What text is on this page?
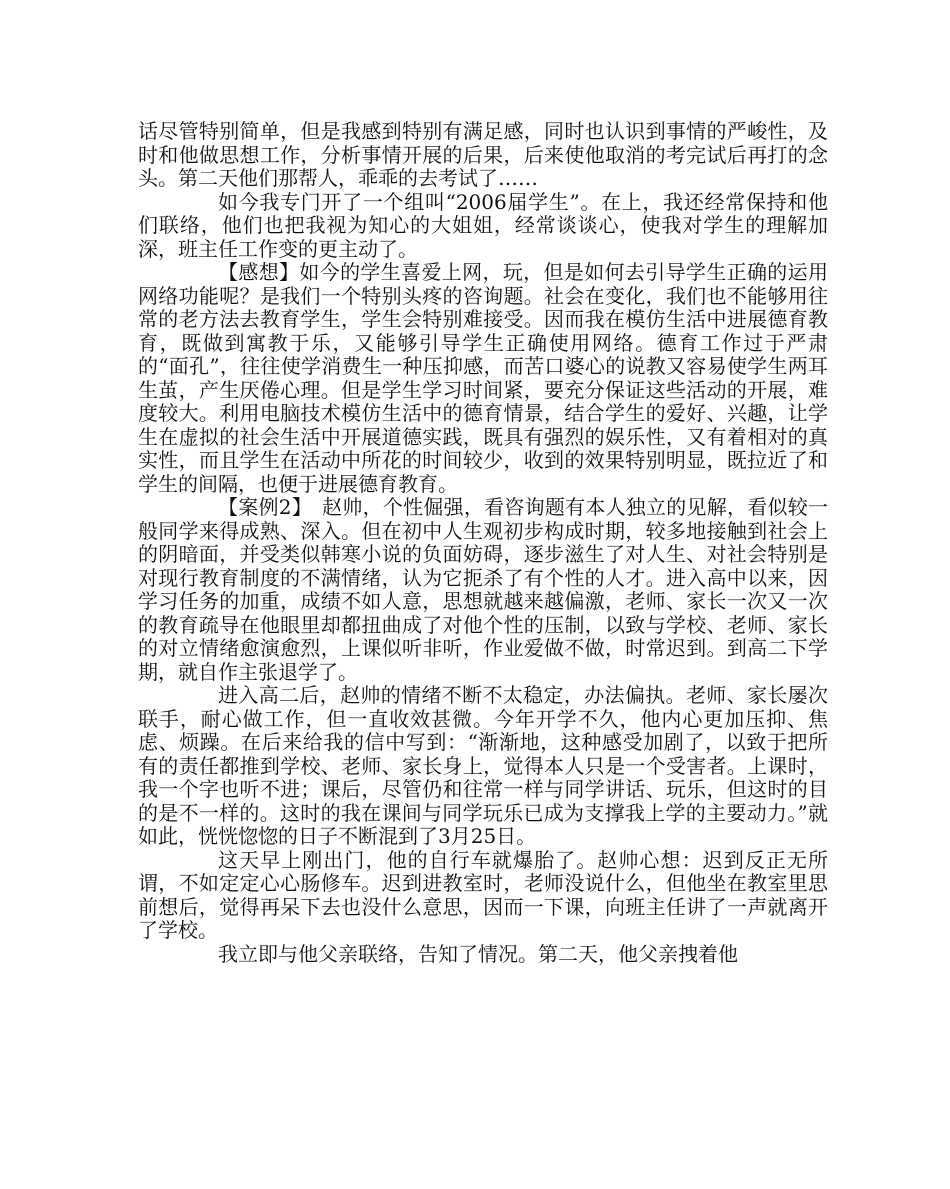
话尽管特别简单，但是我感到特别有满足感，同时也认识到事情的严峻性，及时和他做思想工作，分析事情开展的后果，后来使他取消的考完试后再打的念头。第二天他们那帮人，乖乖的去考试了……

如今我专门开了一个组叫“2006届学生”。在上，我还经常保持和他们联络，他们也把我视为知心的大姐姐，经常谈谈心，使我对学生的理解加深，班主任工作变的更主动了。

【感想】如今的学生喜爱上网，玩，但是如何去引导学生正确的运用网络功能呢？是我们一个特别头疼的咨询题。社会在变化，我们也不能够用往常的老方法去教育学生，学生会特别难接受。因而我在模仿生活中进展德育教育，既做到寓教于乐，又能够引导学生正确使用网络。德育工作过于严肃的“面孔”，往往使学消费生一种压抑感，而苦口婆心的说教又容易使学生两耳生茧，产生厌倦心理。但是学生学习时间紧，要充分保证这些活动的开展，难度较大。利用电脑技术模仿生活中的德育情景，结合学生的爱好、兴趣，让学生在虚拟的社会生活中开展道德实践，既具有强烈的娱乐性，又有着相对的真实性，而且学生在活动中所花的时间较少，收到的效果特别明显，既拉近了和学生的间隔，也便于进展德育教育。

【案例2】　赵帅，个性倔强，看咨询题有本人独立的见解，看似较一般同学来得成熟、深入。但在初中人生观初步构成时期，较多地接触到社会上的阴暗面，并受类似韩寒小说的负面妨碍，逐步滋生了对人生、对社会特别是对现行教育制度的不满情绪，认为它扼杀了有个性的人才。进入高中以来，因学习任务的加重，成绩不如人意，思想就越来越偏激，老师、家长一次又一次的教育疏导在他眼里却都扭曲成了对他个性的压制，以致与学校、老师、家长的对立情绪愈演愈烈，上课似听非听，作业爱做不做，时常迟到。到高二下学期，就自作主张退学了。

进入高二后，赵帅的情绪不断不太稳定，办法偏执。老师、家长屡次联手，耐心做工作，但一直收效甚微。今年开学不久，他内心更加压抑、焦虑、烦躁。在后来给我的信中写到：“渐渐地，这种感受加剧了，以致于把所有的责任都推到学校、老师、家长身上，觉得本人只是一个受害者。上课时，我一个字也听不进；课后，尽管仍和往常一样与同学讲话、玩乐，但这时的目的是不一样的。这时的我在课间与同学玩乐已成为支撑我上学的主要动力。”就如此，恍恍惚惚的日子不断混到了3月25日。

这天早上刚出门，他的自行车就爆胎了。赵帅心想：迟到反正无所谓，不如定定心心肠修车。迟到进教室时，老师没说什么，但他坐在教室里思前想后，觉得再呆下去也没什么意思，因而一下课，向班主任讲了一声就离开了学校。

我立即与他父亲联络，告知了情况。第二天，他父亲拽着他
